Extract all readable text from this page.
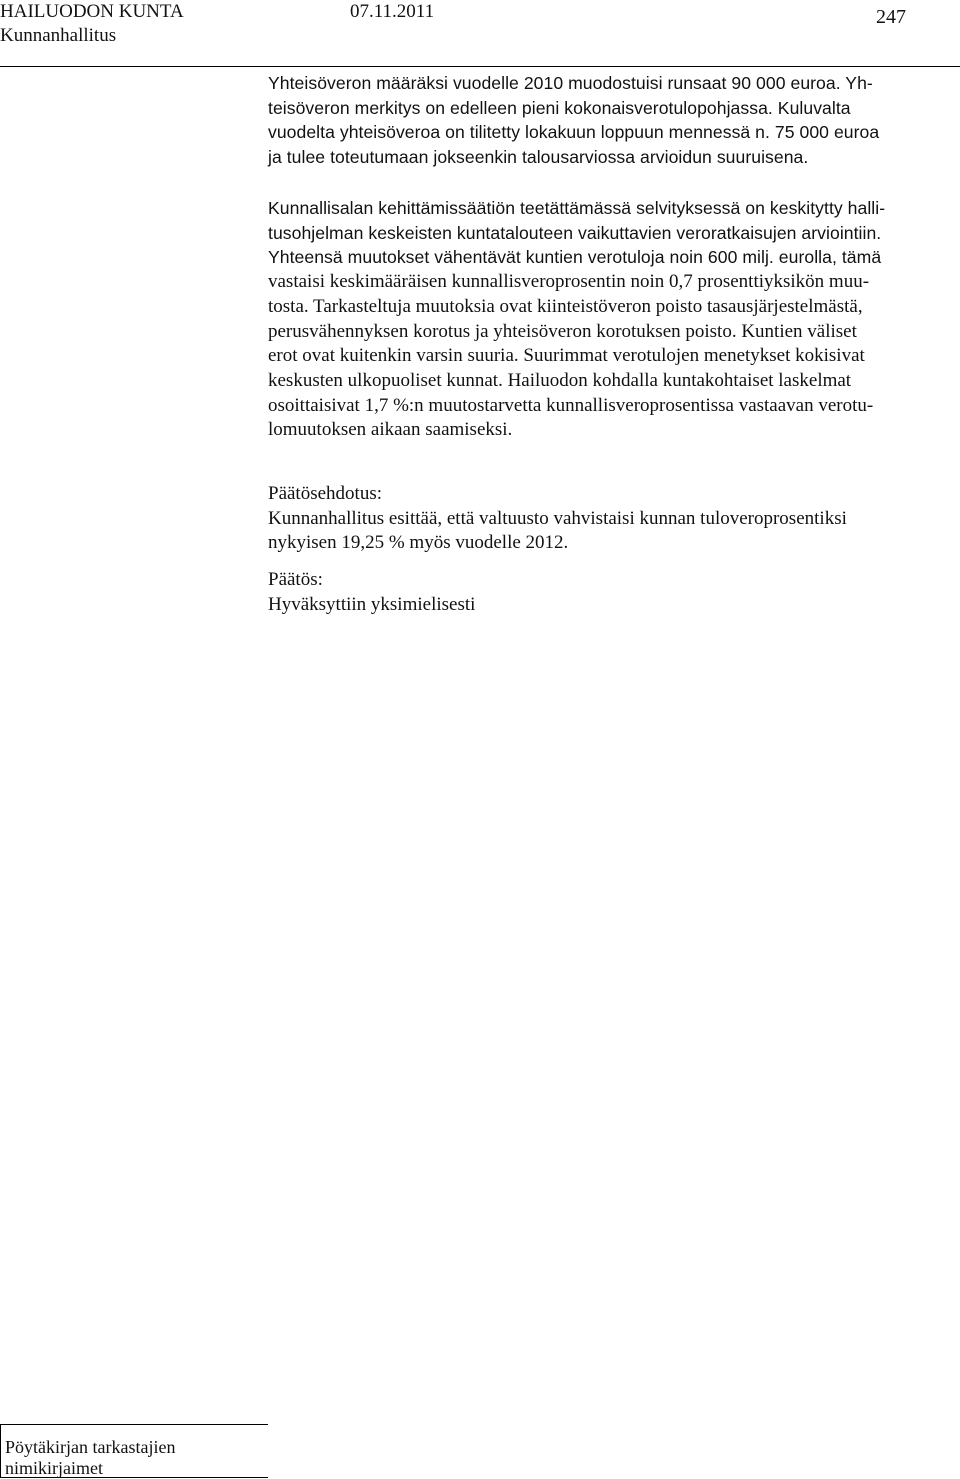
HAILUODON KUNTA	07.11.2011	247
Kunnanhallitus
Yhteisöveron määräksi vuodelle 2010 muodostuisi runsaat 90 000 euroa. Yh-
teisöveron merkitys on edelleen pieni kokonaisverotulopohjassa. Kuluvalta
vuodelta yhteisöveroa on tilitetty lokakuun loppuun mennessä n. 75 000 euroa
ja tulee toteutumaan jokseenkin talousarviossa arvioidun suuruisena.
Kunnallisalan kehittämissäätiön teetättämässä selvityksessä on keskitytty halli-
tusohjelman keskeisten kuntatalouteen vaikuttavien veroratkaisujen arviointiin.
Yhteensä muutokset vähentävät kuntien verotuloja noin 600 milj. eurolla, tämä
vastaisi keskimääräisen kunnallisveroprosentin noin 0,7 prosenttiyksikön muu-
tosta. Tarkasteltuja muutoksia ovat kiinteistöveron poisto tasausjärjestelmästä,
perusvähennyksen korotus ja yhteisöveron korotuksen poisto. Kuntien väliset
erot ovat kuitenkin varsin suuria. Suurimmat verotulojen menetykset kokisivat
keskusten ulkopuoliset kunnat. Hailuodon kohdalla kuntakohtaiset laskelmat
osoittaisivat 1,7 %:n muutostarvetta kunnallisveroprosentissa vastaavan verotu-
lomuutoksen aikaan saamiseksi.
Päätösehdotus:
Kunnanhallitus esittää, että valtuusto vahvistaisi kunnan tuloveroprosentiksi
nykyisen 19,25 % myös vuodelle 2012.
Päätös:
Hyväksyttiin yksimielisesti
Pöytäkirjan tarkastajien
nimikirjaimet
